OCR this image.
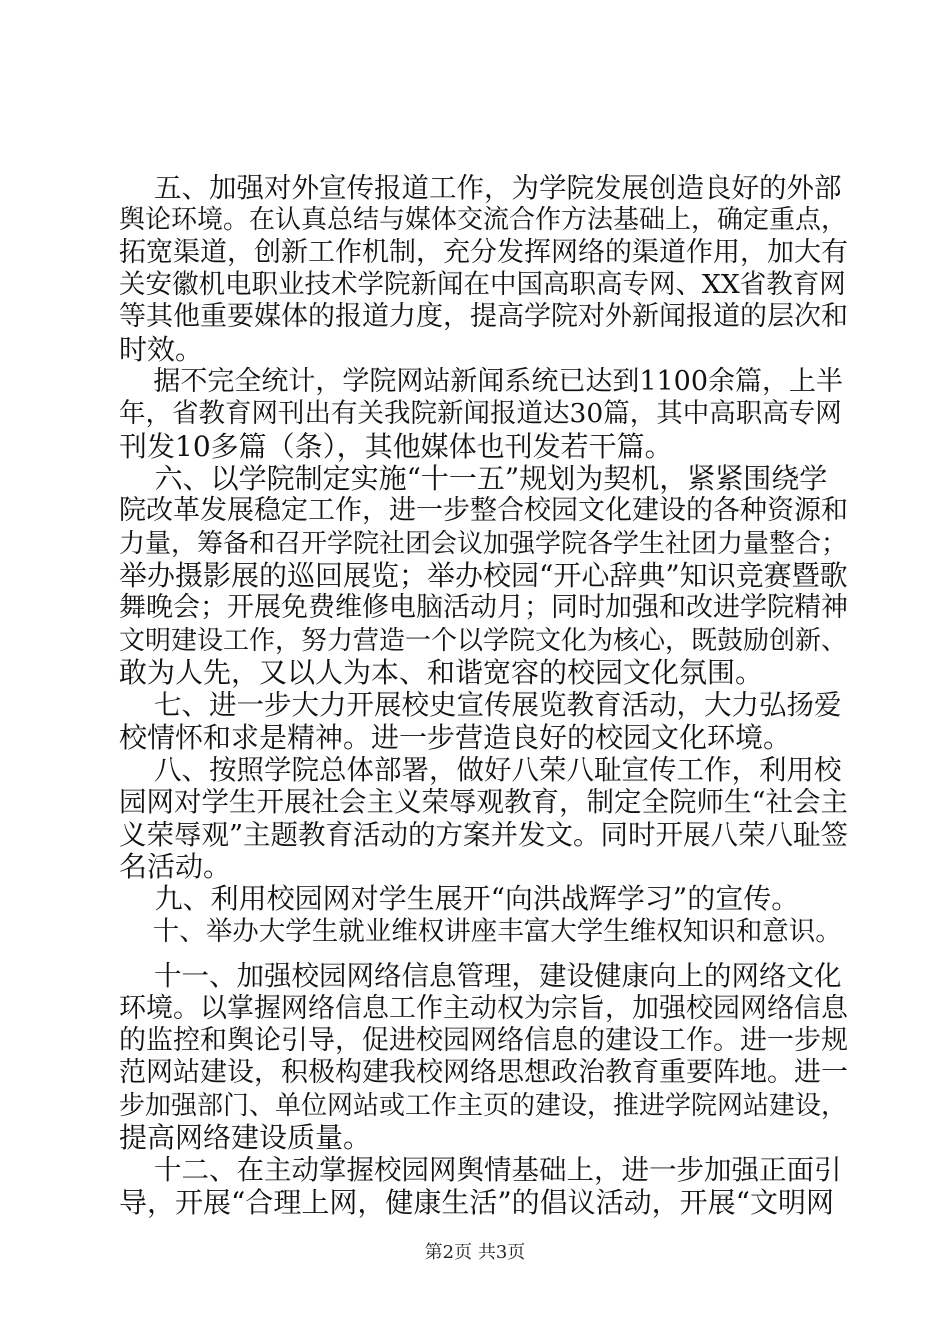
五、加强对外宣传报道工作，为学院发展创造良好的外部
舆论环境。在认真总结与媒体交流合作方法基础上，确定重点，
拓宽渠道，创新工作机制，充分发挥网络的渠道作用，加大有
关安徽机电职业技术学院新闻在中国高职高专网、XX省教育网
等其他重要媒体的报道力度，提高学院对外新闻报道的层次和
时效。
据不完全统计，学院网站新闻系统已达到1100余篇，上半
年，省教育网刊出有关我院新闻报道达30篇，其中高职高专网
刊发10多篇（条），其他媒体也刊发若干篇。
六、以学院制定实施“十一五”规划为契机，紧紧围绕学
院改革发展稳定工作，进一步整合校园文化建设的各种资源和
力量，筹备和召开学院社团会议加强学院各学生社团力量整合；
举办摄影展的巡回展览；举办校园“开心辞典”知识竞赛暨歌
舞晚会；开展免费维修电脑活动月；同时加强和改进学院精神
文明建设工作，努力营造一个以学院文化为核心，既鼓励创新、
敢为人先，又以人为本、和谐宽容的校园文化氛围。
七、进一步大力开展校史宣传展览教育活动，大力弘扬爱
校情怀和求是精神。进一步营造良好的校园文化环境。
八、按照学院总体部署，做好八荣八耻宣传工作，利用校
园网对学生开展社会主义荣辱观教育，制定全院师生“社会主
义荣辱观”主题教育活动的方案并发文。同时开展八荣八耻签
名活动。
九、利用校园网对学生展开“向洪战辉学习”的宣传。
十、举办大学生就业维权讲座丰富大学生维权知识和意识。
十一、加强校园网络信息管理，建设健康向上的网络文化
环境。以掌握网络信息工作主动权为宗旨，加强校园网络信息
的监控和舆论引导，促进校园网络信息的建设工作。进一步规
范网站建设，积极构建我校网络思想政治教育重要阵地。进一
步加强部门、单位网站或工作主页的建设，推进学院网站建设，
提高网络建设质量。
十二、在主动掌握校园网舆情基础上，进一步加强正面引
导，开展“合理上网，健康生活”的倡议活动，开展“文明网
第2页 共3页
